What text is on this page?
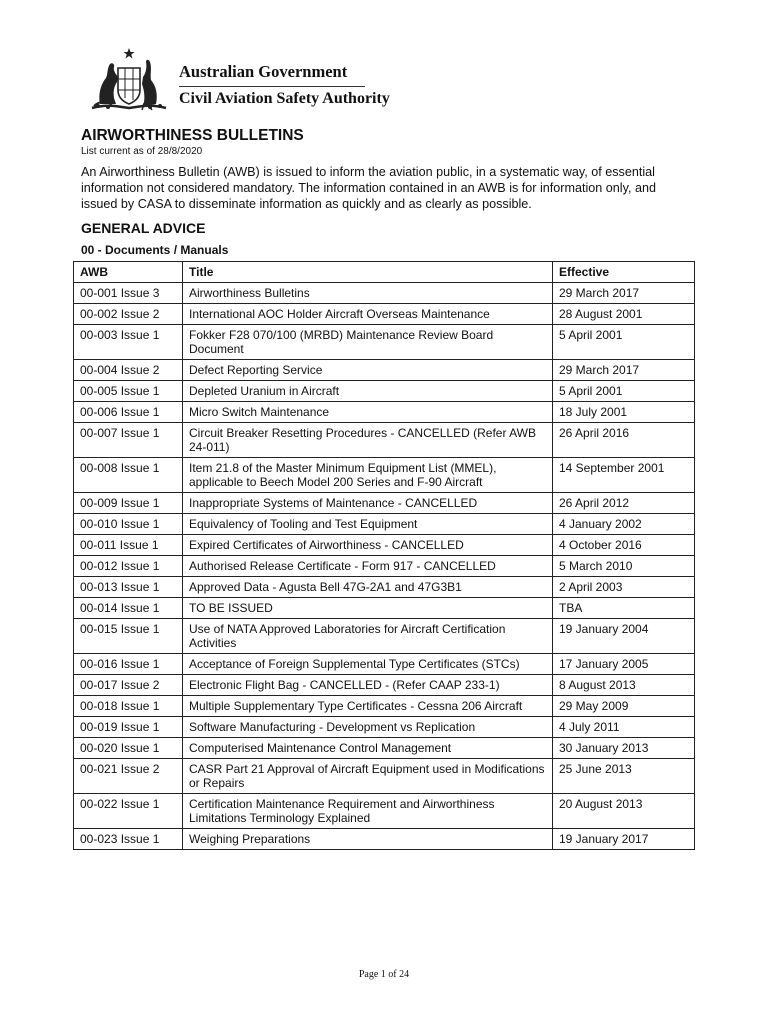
Australian Government
Civil Aviation Safety Authority
AIRWORTHINESS BULLETINS
List current as of 28/8/2020

An Airworthiness Bulletin (AWB) is issued to inform the aviation public, in a systematic way, of essential information not considered mandatory. The information contained in an AWB is for information only, and issued by CASA to disseminate information as quickly and as clearly as possible.

GENERAL ADVICE
00 - Documents / Manuals
AWB	Title	Effective
00-001 Issue 3	Airworthiness Bulletins	29 March 2017
00-002 Issue 2	International AOC Holder Aircraft Overseas Maintenance	28 August 2001
00-003 Issue 1	Fokker F28 070/100 (MRBD) Maintenance Review Board Document	5 April 2001
00-004 Issue 2	Defect Reporting Service	29 March 2017
00-005 Issue 1	Depleted Uranium in Aircraft	5 April 2001
00-006 Issue 1	Micro Switch Maintenance	18 July 2001
00-007 Issue 1	Circuit Breaker Resetting Procedures - CANCELLED (Refer AWB 24-011)	26 April 2016
00-008 Issue 1	Item 21.8 of the Master Minimum Equipment List (MMEL), applicable to Beech Model 200 Series and F-90 Aircraft	14 September 2001
00-009 Issue 1	Inappropriate Systems of Maintenance - CANCELLED	26 April 2012
00-010 Issue 1	Equivalency of Tooling and Test Equipment	4 January 2002
00-011 Issue 1	Expired Certificates of Airworthiness - CANCELLED	4 October 2016
00-012 Issue 1	Authorised Release Certificate - Form 917 - CANCELLED	5 March 2010
00-013 Issue 1	Approved Data - Agusta Bell 47G-2A1 and 47G3B1	2 April 2003
00-014 Issue 1	TO BE ISSUED	TBA
00-015 Issue 1	Use of NATA Approved Laboratories for Aircraft Certification Activities	19 January 2004
00-016 Issue 1	Acceptance of Foreign Supplemental Type Certificates (STCs)	17 January 2005
00-017 Issue 2	Electronic Flight Bag - CANCELLED - (Refer CAAP 233-1)	8 August 2013
00-018 Issue 1	Multiple Supplementary Type Certificates - Cessna 206 Aircraft	29 May 2009
00-019 Issue 1	Software Manufacturing - Development vs Replication	4 July 2011
00-020 Issue 1	Computerised Maintenance Control Management	30 January 2013
00-021 Issue 2	CASR Part 21 Approval of Aircraft Equipment used in Modifications or Repairs	25 June 2013
00-022 Issue 1	Certification Maintenance Requirement and Airworthiness Limitations Terminology Explained	20 August 2013
00-023 Issue 1	Weighing Preparations	19 January 2017
Page 1 of 24
